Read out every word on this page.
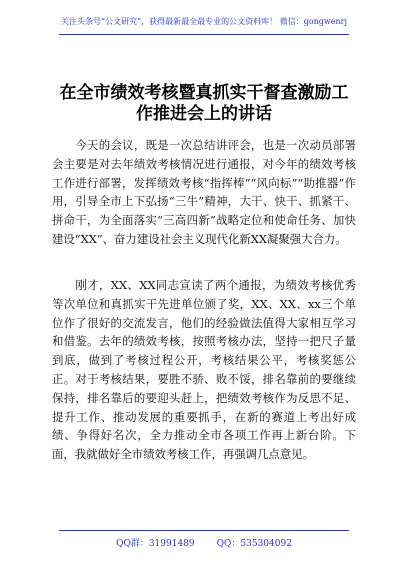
关注头条号“公文研究”，获得最新最全最专业的公文资料库！ 微信：gongwenrj
在全市绩效考核暨真抓实干督查激励工作推进会上的讲话

今天的会议，既是一次总结讲评会，也是一次动员部署会主要是对去年绩效考核情况进行通报，对今年的绩效考核工作进行部署，发挥绩效考核“指挥棒”“风向标”“助推器”作用，引导全市上下弘扬“三牛”精神，大干、快干、抓紧干、拼命干，为全面落实“三高四新”战略定位和使命任务、加快建设“XX”、奋力建设社会主义现代化新XX凝聚强大合力。

刚才，XX、XX同志宣读了两个通报，为绩效考核优秀等次单位和真抓实干先进单位颁了奖，XX、XX、xx三个单位作了很好的交流发言，他们的经验做法值得大家相互学习和借鉴。去年的绩效考核，按照考核办法，坚持一把尺子量到底，做到了考核过程公开，考核结果公平，考核奖惩公正。对于考核结果，要胜不骄、败不馁，排名靠前的要继续保持，排名靠后的要迎头赶上，把绩效考核作为反思不足、提升工作、推动发展的重要抓手，在新的赛道上考出好成绩、争得好名次，全力推动全市各项工作再上新台阶。下面，我就做好全市绩效考核工作，再强调几点意见。

QQ群：31991489 QQ：535304092
